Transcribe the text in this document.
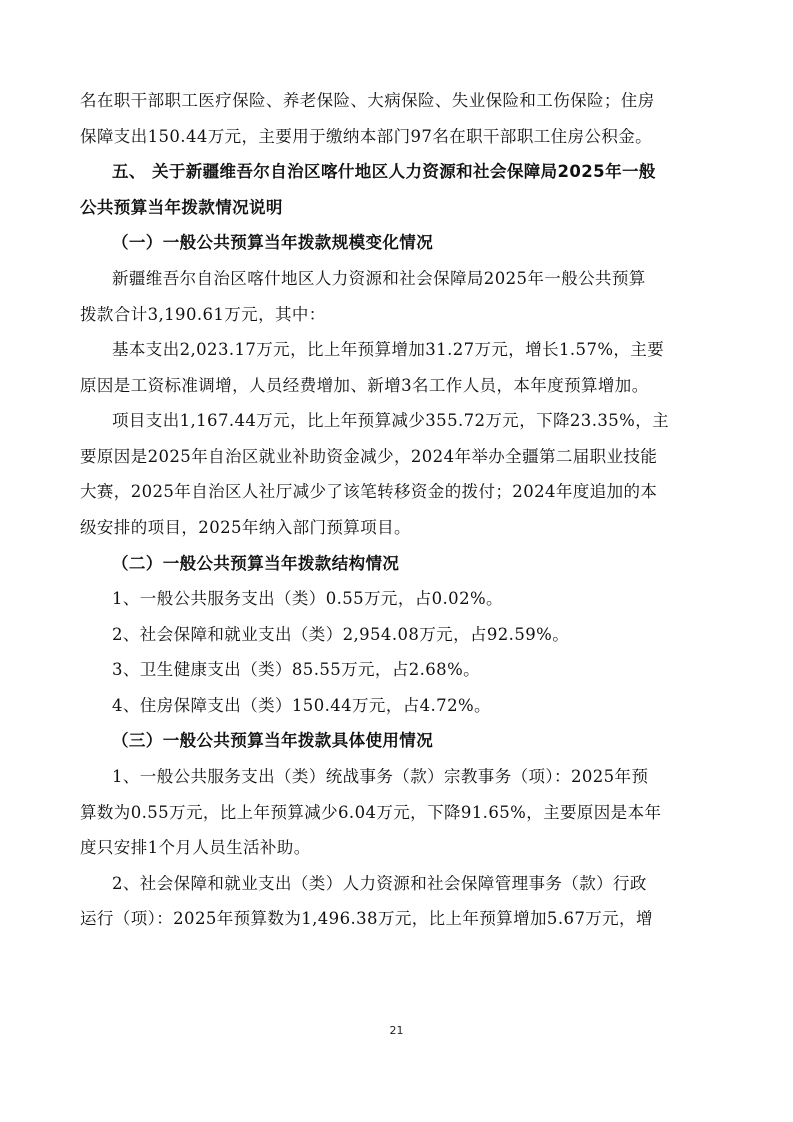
名在职干部职工医疗保险、养老保险、大病保险、失业保险和工伤保险；住房

保障支出150.44万元，主要用于缴纳本部门97名在职干部职工住房公积金。

五、 关于新疆维吾尔自治区喀什地区人力资源和社会保障局2025年一般

公共预算当年拨款情况说明

（一）一般公共预算当年拨款规模变化情况

新疆维吾尔自治区喀什地区人力资源和社会保障局2025年一般公共预算

拨款合计3,190.61万元，其中：

基本支出2,023.17万元，比上年预算增加31.27万元，增长1.57%，主要

原因是工资标准调增，人员经费增加、新增3名工作人员，本年度预算增加。

项目支出1,167.44万元，比上年预算减少355.72万元，下降23.35%，主

要原因是2025年自治区就业补助资金减少，2024年举办全疆第二届职业技能

大赛，2025年自治区人社厅减少了该笔转移资金的拨付；2024年度追加的本

级安排的项目，2025年纳入部门预算项目。

（二）一般公共预算当年拨款结构情况

1、一般公共服务支出（类）0.55万元，占0.02%。

2、社会保障和就业支出（类）2,954.08万元，占92.59%。

3、卫生健康支出（类）85.55万元，占2.68%。

4、住房保障支出（类）150.44万元，占4.72%。

（三）一般公共预算当年拨款具体使用情况

1、一般公共服务支出（类）统战事务（款）宗教事务（项）：2025年预

算数为0.55万元，比上年预算减少6.04万元，下降91.65%，主要原因是本年

度只安排1个月人员生活补助。

2、社会保障和就业支出（类）人力资源和社会保障管理事务（款）行政

运行（项）：2025年预算数为1,496.38万元，比上年预算增加5.67万元，增

21
